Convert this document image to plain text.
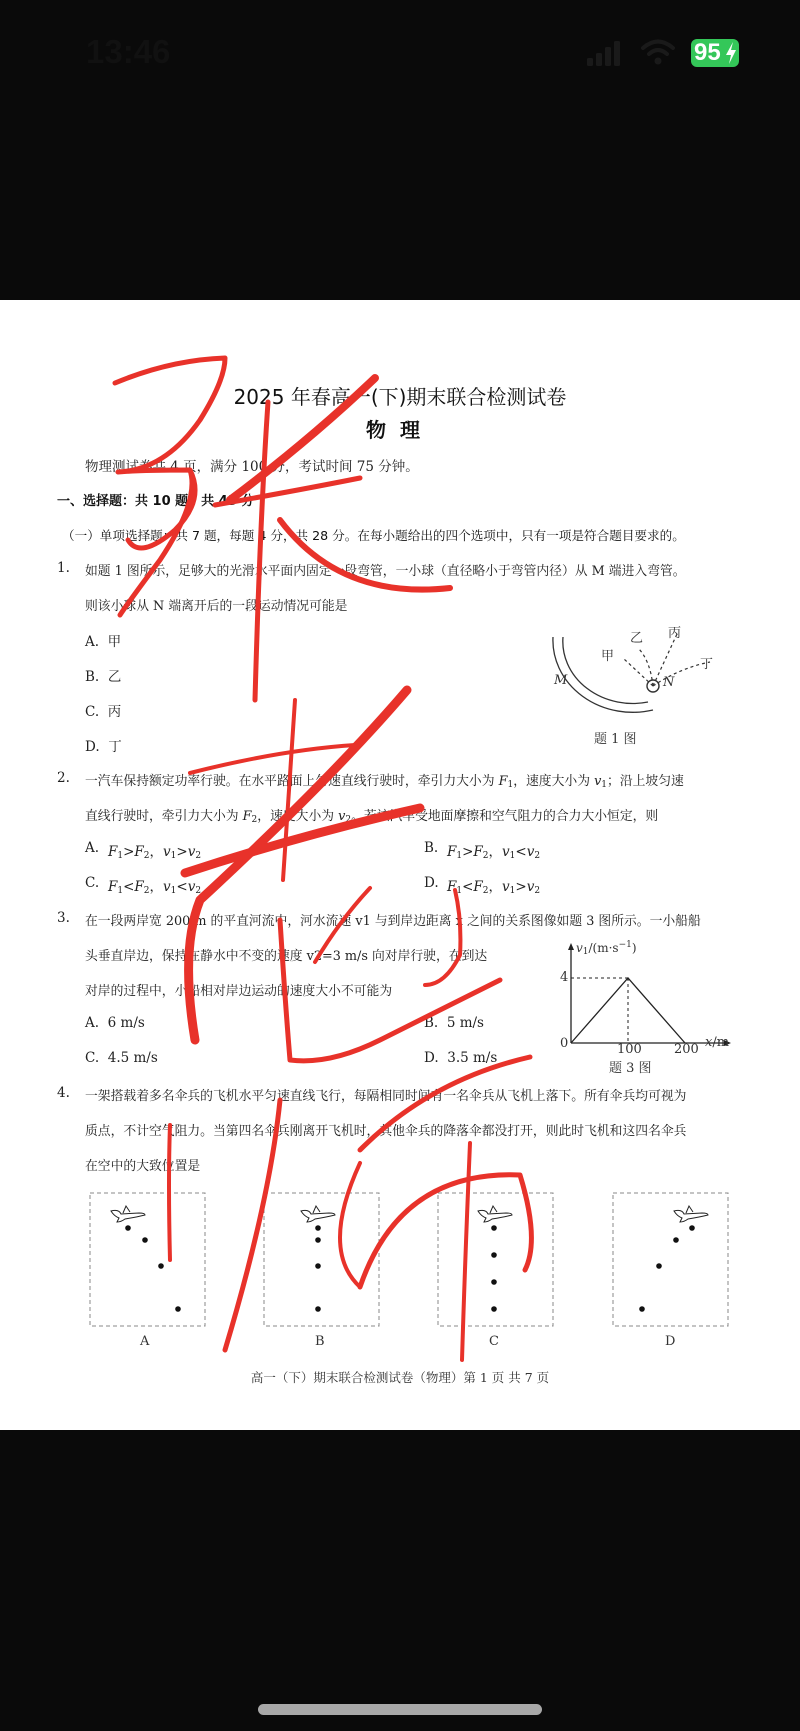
13:46	95
2025 年春高一(下)期末联合检测试卷
物理
物理测试卷共 4 页，满分 100 分，考试时间 75 分钟。
一、选择题：共 10 题，共 43 分
（一）单项选择题：共 7 题，每题 4 分，共 28 分。在每小题给出的四个选项中，只有一项是符合题目要求的。
1. 如题 1 图所示，足够大的光滑水平面内固定一段弯管，一小球（直径略小于弯管内径）从 M 端进入弯管。
则该小球从 N 端离开后的一段运动情况可能是
A. 甲
B. 乙
C. 丙
D. 丁
M	N
甲
乙 丙
丁
题 1 图
2. 一汽车保持额定功率行驶。在水平路面上匀速直线行驶时，牵引力大小为 $F_1$，速度大小为 $v_1$；沿上坡匀速
直线行驶时，牵引力大小为 $F_2$，速度大小为 $v_2$。若该汽车受地面摩擦和空气阻力的合力大小恒定，则
A. $F_1>F_2$，$v_1>v_2$	B. $F_1>F_2$，$v_1<v_2$
C. $F_1<F_2$，$v_1<v_2$	D. $F_1<F_2$，$v_1>v_2$
3. 在一段两岸宽 200 m 的平直河流中，河水流速 v1 与到岸边距离 x 之间的关系图像如题 3 图所示。一小船船
头垂直岸边，保持在静水中不变的速度 v2=3 m/s 向对岸行驶，在到达
对岸的过程中，小船相对岸边运动的速度大小不可能为
A. 6 m/s	B. 5 m/s
C. 4.5 m/s	D. 3.5 m/s
$v_1/(m\cdot s^{-1})$
4
0	100 200 x/m
题 3 图
4. 一架搭载着多名伞兵的飞机水平匀速直线飞行，每隔相同时间有一名伞兵从飞机上落下。所有伞兵均可视为
质点，不计空气阻力。当第四名伞兵刚离开飞机时，其他伞兵的降落伞都没打开，则此时飞机和这四名伞兵
在空中的大致位置是
A	B	C	D
高一（下）期末联合检测试卷（物理）第 1 页 共 7 页
